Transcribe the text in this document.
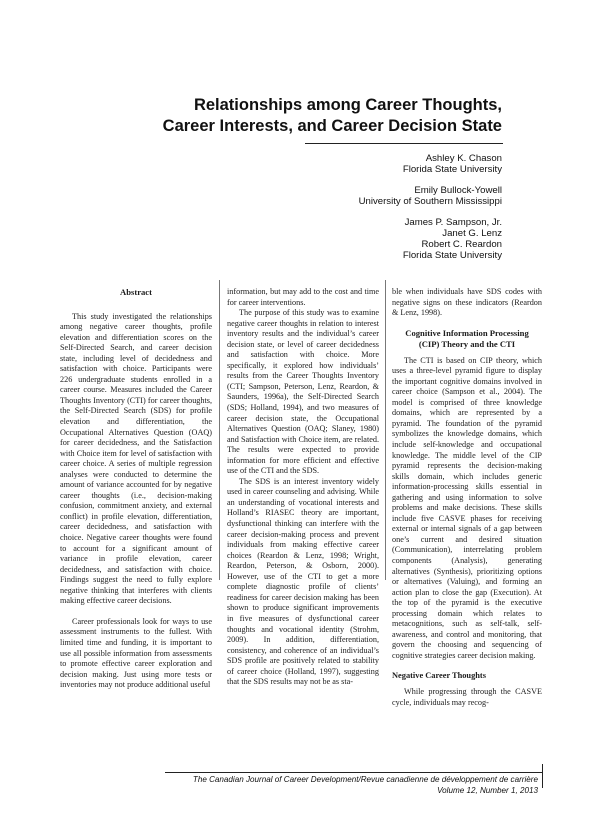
Relationships among Career Thoughts,
Career Interests, and Career Decision State
Ashley K. Chason
Florida State University
Emily Bullock-Yowell
University of Southern Mississippi
James P. Sampson, Jr.
Janet G. Lenz
Robert C. Reardon
Florida State University
Abstract

This study investigated the relationships among negative career thoughts, profile elevation and differentiation scores on the Self-Directed Search, and career decision state, including level of decidedness and satisfaction with choice. Participants were 226 undergraduate students enrolled in a career course. Measures included the Career Thoughts Inventory (CTI) for career thoughts, the Self-Directed Search (SDS) for profile elevation and differentiation, the Occupational Alternatives Question (OAQ) for career decidedness, and the Satisfaction with Choice item for level of satisfaction with career choice. A series of multiple regression analyses were conducted to determine the amount of variance accounted for by negative career thoughts (i.e., decision-making confusion, commitment anxiety, and external conflict) in profile elevation, differentiation, career decidedness, and satisfaction with choice. Negative career thoughts were found to account for a significant amount of variance in profile elevation, career decidedness, and satisfaction with choice. Findings suggest the need to fully explore negative thinking that interferes with clients making effective career decisions.

Career professionals look for ways to use assessment instruments to the fullest. With limited time and funding, it is important to use all possible information from assessments to promote effective career exploration and decision making. Just using more tests or inventories may not produce additional useful

information, but may add to the cost and time for career interventions.

The purpose of this study was to examine negative career thoughts in relation to interest inventory results and the individual’s career decision state, or level of career decidedness and satisfaction with choice. More specifically, it explored how individuals’ results from the Career Thoughts Inventory (CTI; Sampson, Peterson, Lenz, Reardon, & Saunders, 1996a), the Self-Directed Search (SDS; Holland, 1994), and two measures of career decision state, the Occupational Alternatives Question (OAQ; Slaney, 1980) and Satisfaction with Choice item, are related. The results were expected to provide information for more efficient and effective use of the CTI and the SDS.

The SDS is an interest inventory widely used in career counseling and advising. While an understanding of vocational interests and Holland’s RIASEC theory are important, dysfunctional thinking can interfere with the career decision-making process and prevent individuals from making effective career choices (Reardon & Lenz, 1998; Wright, Reardon, Peterson, & Osborn, 2000). However, use of the CTI to get a more complete diagnostic profile of clients’ readiness for career decision making has been shown to produce significant improvements in five measures of dysfunctional career thoughts and vocational identity (Strohm, 2009). In addition, differentiation, consistency, and coherence of an individual’s SDS profile are positively related to stability of career choice (Holland, 1997), suggesting that the SDS results may not be as sta-

ble when individuals have SDS codes with negative signs on these indicators (Reardon & Lenz, 1998).

Cognitive Information Processing
(CIP) Theory and the CTI

The CTI is based on CIP theory, which uses a three-level pyramid figure to display the important cognitive domains involved in career choice (Sampson et al., 2004). The model is comprised of three knowledge domains, which are represented by a pyramid. The foundation of the pyramid symbolizes the knowledge domains, which include self-knowledge and occupational knowledge. The middle level of the CIP pyramid represents the decision-making skills domain, which includes generic information-processing skills essential in gathering and using information to solve problems and make decisions. These skills include five CASVE phases for receiving external or internal signals of a gap between one’s current and desired situation (Communication), interrelating problem components (Analysis), generating alternatives (Synthesis), prioritizing options or alternatives (Valuing), and forming an action plan to close the gap (Execution). At the top of the pyramid is the executive processing domain which relates to metacognitions, such as self-talk, self-awareness, and control and monitoring, that govern the choosing and sequencing of cognitive strategies career decision making.

Negative Career Thoughts

While progressing through the CASVE cycle, individuals may recog-

The Canadian Journal of Career Development/Revue canadienne de développement de carrière
Volume 12, Number 1, 2013
